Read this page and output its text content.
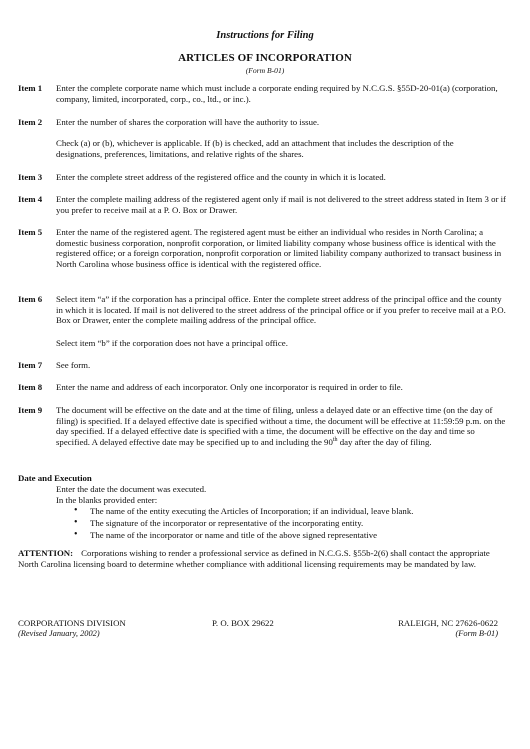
Instructions for Filing
ARTICLES OF INCORPORATION
(Form B-01)
Item 1	Enter the complete corporate name which must include a corporate ending required by N.C.G.S. §55D-20-01(a) (corporation, company, limited, incorporated, corp., co., ltd., or inc.).
Item 2	Enter the number of shares the corporation will have the authority to issue.

Check (a) or (b), whichever is applicable. If (b) is checked, add an attachment that includes the description of the designations, preferences, limitations, and relative rights of the shares.

Item 3	Enter the complete street address of the registered office and the county in which it is located.
Item 4	Enter the complete mailing address of the registered agent only if mail is not delivered to the street address stated in Item 3 or if you prefer to receive mail at a P. O. Box or Drawer.
Item 5	Enter the name of the registered agent. The registered agent must be either an individual who resides in North Carolina; a domestic business corporation, nonprofit corporation, or limited liability company whose business office is identical with the registered office; or a foreign corporation, nonprofit corporation or limited liability company authorized to transact business in North Carolina whose business office is identical with the registered office.
Item 6	Select item “a” if the corporation has a principal office. Enter the complete street address of the principal office and the county in which it is located. If mail is not delivered to the street address of the principal office or if you prefer to receive mail at a P.O. Box or Drawer, enter the complete mailing address of the principal office.

Select item “b” if the corporation does not have a principal office.

Item 7	See form.
Item 8	Enter the name and address of each incorporator. Only one incorporator is required in order to file.
Item 9	The document will be effective on the date and at the time of filing, unless a delayed date or an effective time (on the day of filing) is specified. If a delayed effective date is specified without a time, the document will be effective at 11:59:59 p.m. on the day specified. If a delayed effective date is specified with a time, the document will be effective on the day and time so specified. A delayed effective date may be specified up to and including the 90th day after the day of filing.
Date and Execution

Enter the date the document was executed.

In the blanks provided enter:

• The name of the entity executing the Articles of Incorporation; if an individual, leave blank.
• The signature of the incorporator or representative of the incorporating entity.
• The name of the incorporator or name and title of the above signed representative

ATTENTION: Corporations wishing to render a professional service as defined in N.C.G.S. §55b-2(6) shall contact the appropriate North Carolina licensing board to determine whether compliance with additional licensing requirements may be mandated by law.

CORPORATIONS DIVISION
(Revised January, 2002)
P. O. BOX 29622	RALEIGH, NC 27626-0622
(Form B-01)
